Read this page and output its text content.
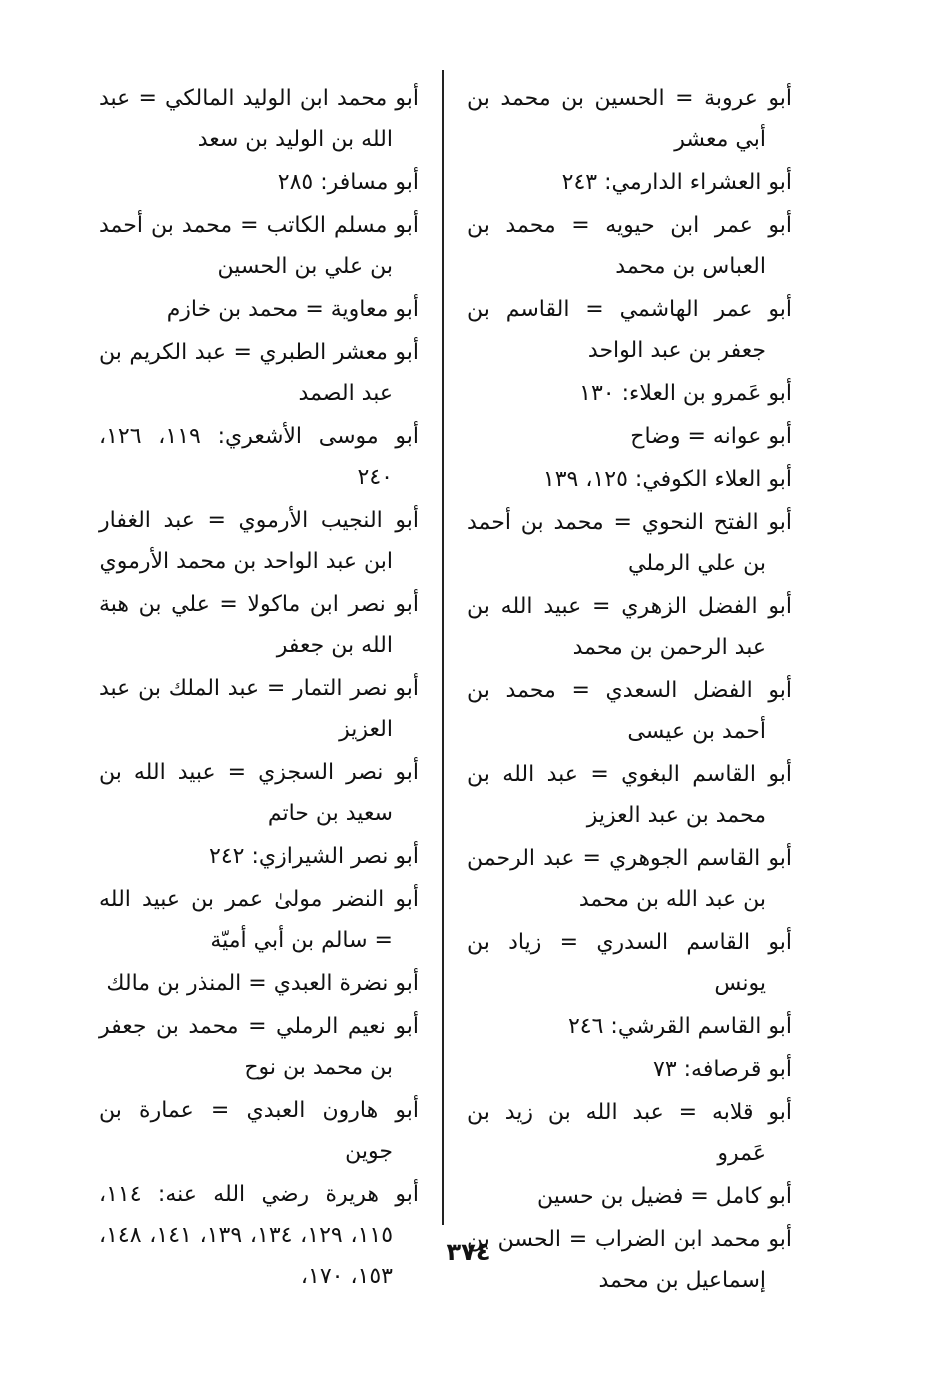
أبو عروبة = الحسين بن محمد بن أبي معشر
أبو العشراء الدارمي: ٢٤٣
أبو عمر ابن حيويه = محمد بن العباس بن محمد
أبو عمر الهاشمي = القاسم بن جعفر بن عبد الواحد
أبو عَمرو بن العلاء: ١٣٠
أبو عوانه = وضاح
أبو العلاء الكوفي: ١٢٥، ١٣٩
أبو الفتح النحوي = محمد بن أحمد بن علي الرملي
أبو الفضل الزهري = عبيد الله بن عبد الرحمن بن محمد
أبو الفضل السعدي = محمد بن أحمد بن عيسى
أبو القاسم البغوي = عبد الله بن محمد بن عبد العزيز
أبو القاسم الجوهري = عبد الرحمن بن عبد الله بن محمد
أبو القاسم السدري = زياد بن يونس
أبو القاسم القرشي: ٢٤٦
أبو قرصافه: ٧٣
أبو قلابه = عبد الله بن زيد بن عَمرو
أبو كامل = فضيل بن حسين
أبو محمد ابن الضراب = الحسن بن إسماعيل بن محمد
أبو محمد ابن الوليد المالكي = عبد الله بن الوليد بن سعد
أبو مسافر: ٢٨٥
أبو مسلم الكاتب = محمد بن أحمد بن علي بن الحسين
أبو معاوية = محمد بن خازم
أبو معشر الطبري = عبد الكريم بن عبد الصمد
أبو موسى الأشعري: ١١٩، ١٢٦، ٢٤٠
أبو النجيب الأرموي = عبد الغفار ابن عبد الواحد بن محمد الأرموي
أبو نصر ابن ماكولا = علي بن هبة الله بن جعفر
أبو نصر التمار = عبد الملك بن عبد العزيز
أبو نصر السجزي = عبيد الله بن سعيد بن حاتم
أبو نصر الشيرازي: ٢٤٢
أبو النضر مولىٰ عمر بن عبيد الله = سالم بن أبي أميّة
أبو نضرة العبدي = المنذر بن مالك
أبو نعيم الرملي = محمد بن جعفر بن محمد بن نوح
أبو هارون العبدي = عمارة بن جوين
أبو هريرة رضي الله عنه: ١١٤، ١١٥، ١٢٩، ١٣٤، ١٣٩، ١٤١، ١٤٨، ١٥٣، ١٧٠،
٣٧٤
